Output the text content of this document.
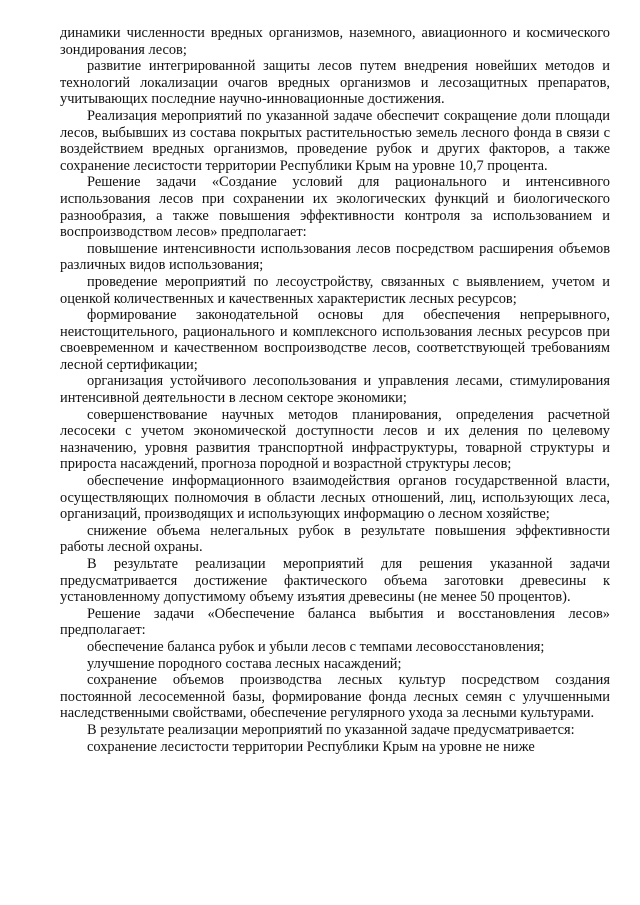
динамики численности вредных организмов, наземного, авиационного и космического зондирования лесов;

развитие интегрированной защиты лесов путем внедрения новейших методов и технологий локализации очагов вредных организмов и лесозащитных препаратов, учитывающих последние научно-инновационные достижения.

Реализация мероприятий по указанной задаче обеспечит сокращение доли площади лесов, выбывших из состава покрытых растительностью земель лесного фонда в связи с воздействием вредных организмов, проведение рубок и других факторов, а также сохранение лесистости территории Республики Крым на уровне 10,7 процента.

Решение задачи «Создание условий для рационального и интенсивного использования лесов при сохранении их экологических функций и биологического разнообразия, а также повышения эффективности контроля за использованием и воспроизводством лесов» предполагает:

повышение интенсивности использования лесов посредством расширения объемов различных видов использования;

проведение мероприятий по лесоустройству, связанных с выявлением, учетом и оценкой количественных и качественных характеристик лесных ресурсов;

формирование законодательной основы для обеспечения непрерывного, неистощительного, рационального и комплексного использования лесных ресурсов при своевременном и качественном воспроизводстве лесов, соответствующей требованиям лесной сертификации;

организация устойчивого лесопользования и управления лесами, стимулирования интенсивной деятельности в лесном секторе экономики;

совершенствование научных методов планирования, определения расчетной лесосеки с учетом экономической доступности лесов и их деления по целевому назначению, уровня развития транспортной инфраструктуры, товарной структуры и прироста насаждений, прогноза породной и возрастной структуры лесов;

обеспечение информационного взаимодействия органов государственной власти, осуществляющих полномочия в области лесных отношений, лиц, использующих леса, организаций, производящих и использующих информацию о лесном хозяйстве;

снижение объема нелегальных рубок в результате повышения эффективности работы лесной охраны.

В результате реализации мероприятий для решения указанной задачи предусматривается достижение фактического объема заготовки древесины к установленному допустимому объему изъятия древесины (не менее 50 процентов).

Решение задачи «Обеспечение баланса выбытия и восстановления лесов» предполагает:

обеспечение баланса рубок и убыли лесов с темпами лесовосстановления;

улучшение породного состава лесных насаждений;

сохранение объемов производства лесных культур посредством создания постоянной лесосеменной базы, формирование фонда лесных семян с улучшенными наследственными свойствами, обеспечение регулярного ухода за лесными культурами.

В результате реализации мероприятий по указанной задаче предусматривается:

сохранение лесистости территории Республики Крым на уровне не ниже
